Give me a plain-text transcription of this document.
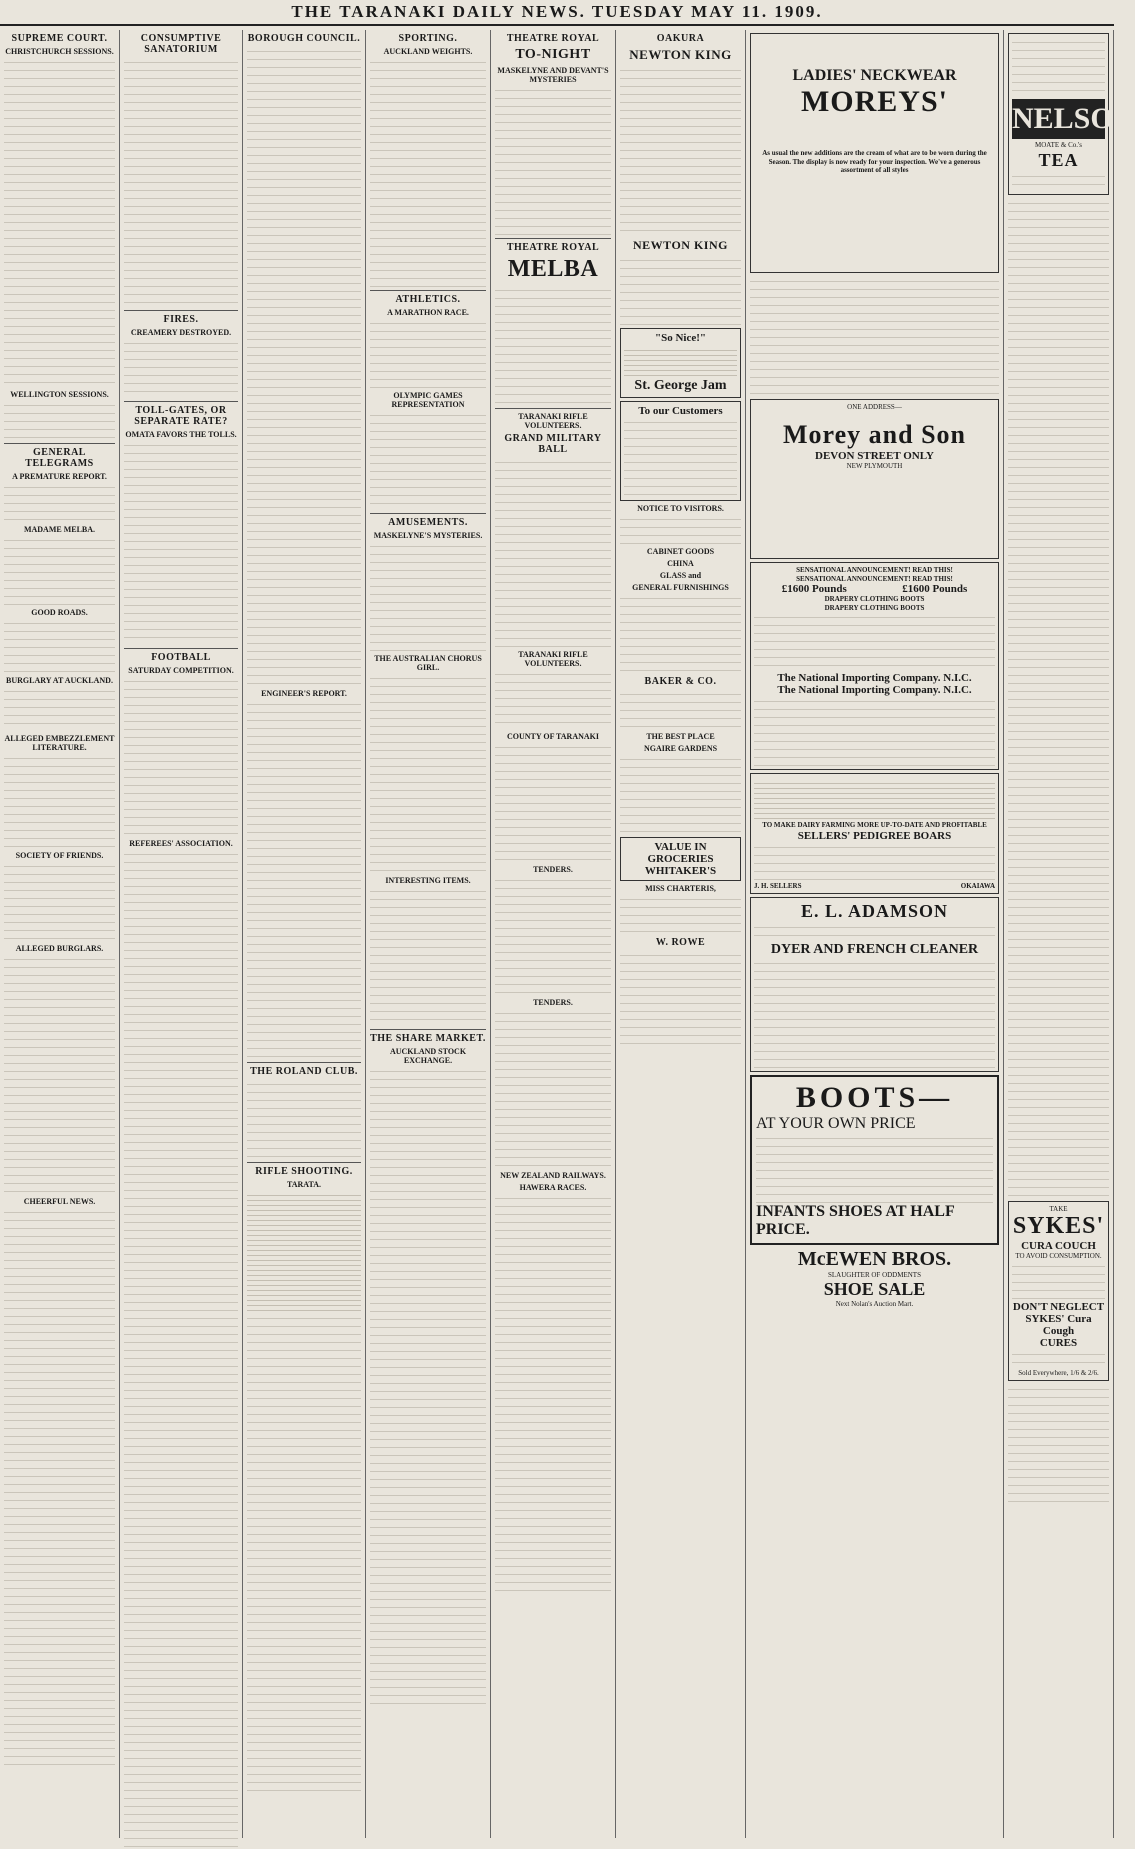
THE TARANAKI DAILY NEWS. TUESDAY MAY 11. 1909.
SUPREME COURT.
CHRISTCHURCH SESSIONS.
WELLINGTON SESSIONS.
GENERAL TELEGRAMS
A PREMATURE REPORT.
MADAME MELBA.
GOOD ROADS.
BURGLARY AT AUCKLAND.
ALLEGED EMBEZZLEMENT LITERATURE.
SOCIETY OF FRIENDS.
ALLEGED BURGLARS.
CHEERFUL NEWS.
CONSUMPTIVE SANATORIUM
FIRES.
CREAMERY DESTROYED.
TOLL-GATES, OR SEPARATE RATE?
OMATA FAVORS THE TOLLS.
FOOTBALL
SATURDAY COMPETITION.
REFEREES' ASSOCIATION.
BOROUGH COUNCIL.
ENGINEER'S REPORT.
THE ROLAND CLUB.
RIFLE SHOOTING.
TARATA.
SPORTING.
AUCKLAND WEIGHTS.
ATHLETICS.
A MARATHON RACE.
OLYMPIC GAMES REPRESENTATION
AMUSEMENTS.
MASKELYNE'S MYSTERIES.
THE AUSTRALIAN CHORUS GIRL.
INTERESTING ITEMS.
THE SHARE MARKET.
AUCKLAND STOCK EXCHANGE.
THEATRE ROYAL
TO-NIGHT
MASKELYNE AND DEVANT'S MYSTERIES
THEATRE ROYAL
MELBA
TARANAKI RIFLE VOLUNTEERS.
GRAND MILITARY BALL
TARANAKI RIFLE VOLUNTEERS.
COUNTY OF TARANAKI
TENDERS.
TENDERS.
NEW ZEALAND RAILWAYS.
HAWERA RACES.
OAKURA
NEWTON KING
NEWTON KING
"So Nice!"
St. George Jam
To our Customers
NOTICE TO VISITORS.
CABINET GOODS
CHINA
GLASS and
GENERAL FURNISHINGS
BAKER & CO.
THE BEST PLACE
NGAIRE GARDENS
VALUE IN GROCERIES
WHITAKER'S
MISS CHARTERIS,
W. ROWE
LADIES' NECKWEAR
MOREYS'
As usual the new additions are the cream of what are to be worn during the Season. The display is now ready for your inspection. We've a generous assortment of all styles
ONE ADDRESS—
Morey and Son
DEVON STREET ONLY
NEW PLYMOUTH
SENSATIONAL ANNOUNCEMENT! READ THIS!
SENSATIONAL ANNOUNCEMENT! READ THIS!
£1600 Pounds	£1600 Pounds
DRAPERY CLOTHING BOOTS
DRAPERY CLOTHING BOOTS
The National Importing Company. N.I.C.
The National Importing Company. N.I.C.
TO MAKE DAIRY FARMING MORE UP-TO-DATE AND PROFITABLE
SELLERS' PEDIGREE BOARS
J. H. SELLERS	OKAIAWA
E. L. ADAMSON
DYER AND FRENCH CLEANER
BOOTS—
AT YOUR OWN PRICE
INFANTS SHOES AT HALF PRICE.
McEWEN BROS.
SLAUGHTER OF ODDMENTS
SHOE SALE
Next Nolan's Auction Mart.
NELSON
MOATE & Co.'s
TEA
TAKE
SYKES'
CURA COUCH
TO AVOID CONSUMPTION.
DON'T NEGLECT
SYKES' Cura Cough
CURES
Sold Everywhere, 1/6 & 2/6.
